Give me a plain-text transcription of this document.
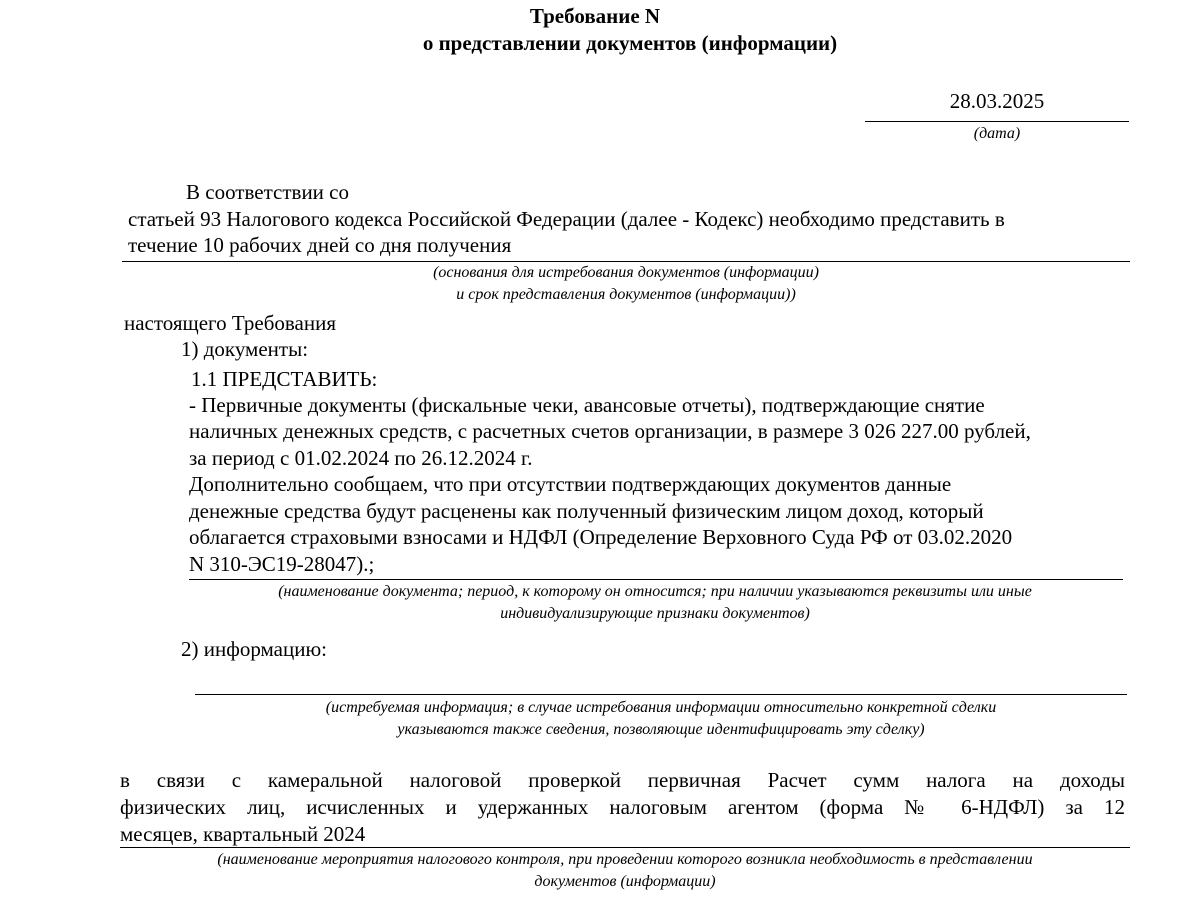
Требование N
о представлении документов (информации)
28.03.2025
(дата)
В соответствии со
статьей 93 Налогового кодекса Российской Федерации (далее - Кодекс) необходимо представить в
течение 10 рабочих дней со дня получения
(основания для истребования документов (информации)
и срок представления документов (информации))
настоящего Требования
1) документы:
1.1 ПРЕДСТАВИТЬ:
- Первичные документы (фискальные чеки, авансовые отчеты), подтверждающие снятие
наличных денежных средств, с расчетных счетов организации, в размере 3 026 227.00 рублей,
за период с 01.02.2024 по 26.12.2024 г.
Дополнительно сообщаем, что при отсутствии подтверждающих документов данные
денежные средства будут расценены как полученный физическим лицом доход, который
облагается страховыми взносами и НДФЛ (Определение Верховного Суда РФ от 03.02.2020
N 310-ЭС19-28047).;
(наименование документа; период, к которому он относится; при наличии указываются реквизиты или иные
индивидуализирующие признаки документов)
2) информацию:
(истребуемая информация; в случае истребования информации относительно конкретной сделки
указываются также сведения, позволяющие идентифицировать эту сделку)
в связи с камеральной налоговой проверкой первичная Расчет сумм налога на доходы
физических лиц, исчисленных и удержанных налоговым агентом (форма № 6-НДФЛ) за 12
месяцев, квартальный 2024
(наименование мероприятия налогового контроля, при проведении которого возникла необходимость в представлении
документов (информации)
